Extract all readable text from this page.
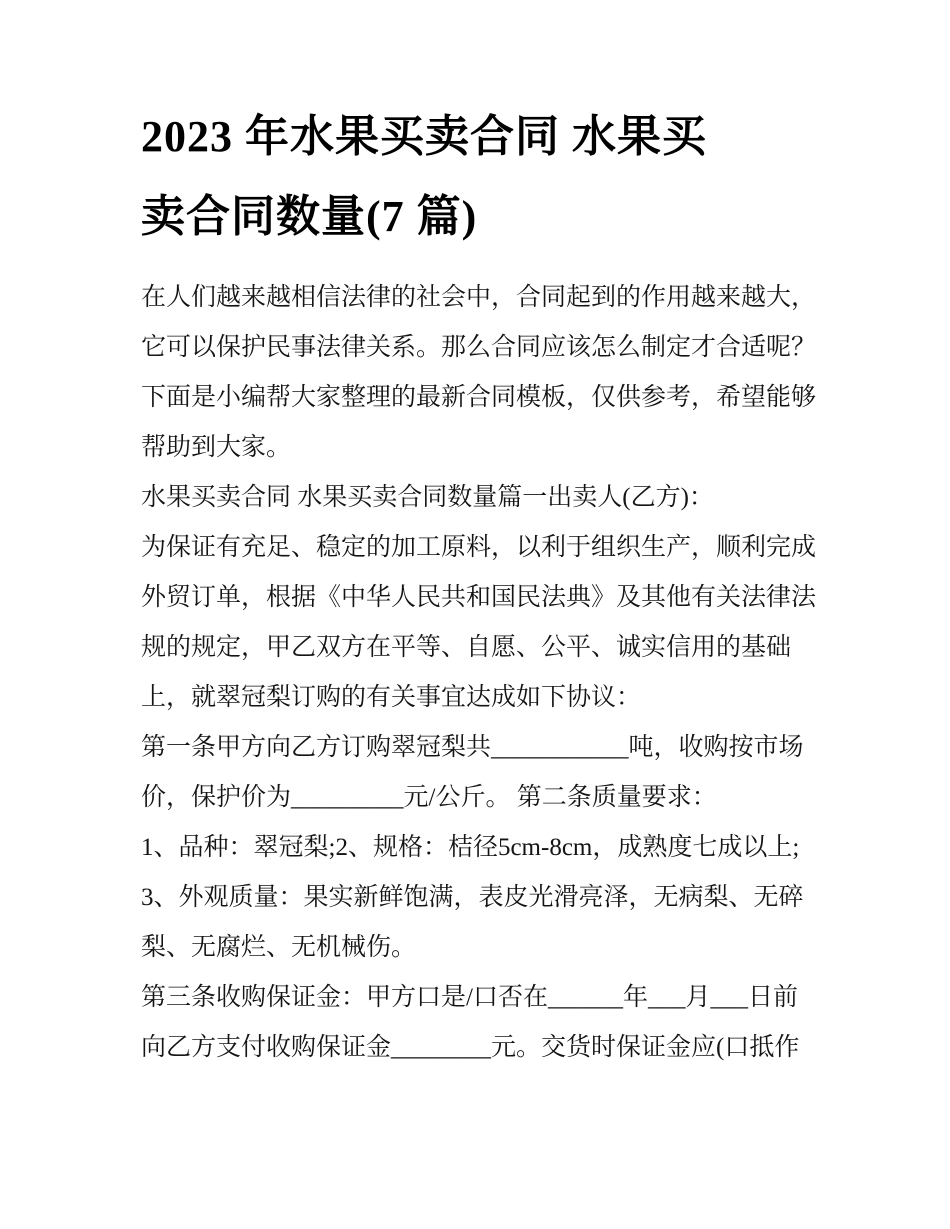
2023 年水果买卖合同 水果买
卖合同数量(7 篇)
在人们越来越相信法律的社会中，合同起到的作用越来越大，
它可以保护民事法律关系。那么合同应该怎么制定才合适呢？
下面是小编帮大家整理的最新合同模板，仅供参考，希望能够
帮助到大家。
水果买卖合同 水果买卖合同数量篇一出卖人(乙方)：
为保证有充足、稳定的加工原料，以利于组织生产，顺利完成
外贸订单，根据《中华人民共和国民法典》及其他有关法律法
规的规定，甲乙双方在平等、自愿、公平、诚实信用的基础
上，就翠冠梨订购的有关事宜达成如下协议：
第一条甲方向乙方订购翠冠梨共___________吨，收购按市场
价，保护价为_________元/公斤。 第二条质量要求：
1、品种：翠冠梨;2、规格：桔径5cm-8cm，成熟度七成以上;
3、外观质量：果实新鲜饱满，表皮光滑亮泽，无病梨、无碎
梨、无腐烂、无机械伤。
第三条收购保证金：甲方口是/口否在______年___月___日前
向乙方支付收购保证金________元。交货时保证金应(口抵作
